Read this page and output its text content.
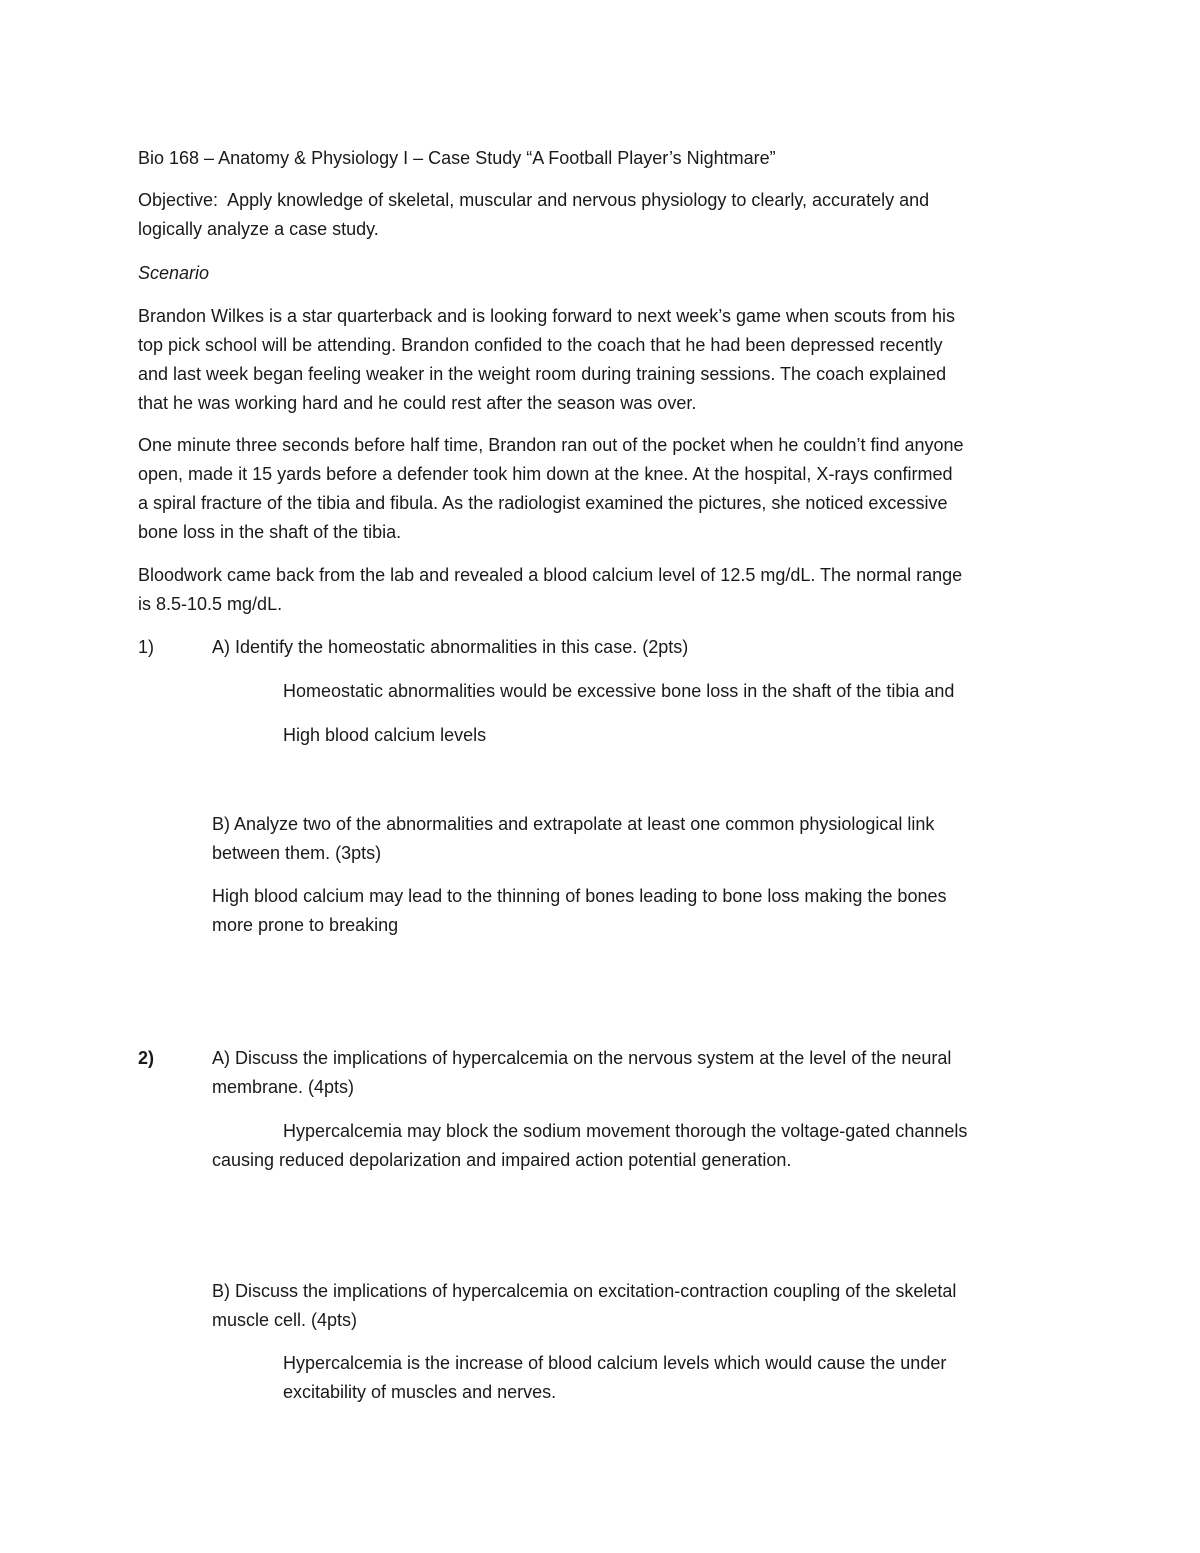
Bio 168 – Anatomy & Physiology I – Case Study “A Football Player’s Nightmare”

Objective: Apply knowledge of skeletal, muscular and nervous physiology to clearly, accurately and

logically analyze a case study.

Scenario

Brandon Wilkes is a star quarterback and is looking forward to next week’s game when scouts from his

top pick school will be attending. Brandon confided to the coach that he had been depressed recently

and last week began feeling weaker in the weight room during training sessions. The coach explained

that he was working hard and he could rest after the season was over.

One minute three seconds before half time, Brandon ran out of the pocket when he couldn’t find anyone

open, made it 15 yards before a defender took him down at the knee. At the hospital, X-rays confirmed

a spiral fracture of the tibia and fibula. As the radiologist examined the pictures, she noticed excessive

bone loss in the shaft of the tibia.

Bloodwork came back from the lab and revealed a blood calcium level of 12.5 mg/dL. The normal range

is 8.5-10.5 mg/dL.

1)	A) Identify the homeostatic abnormalities in this case. (2pts)

Homeostatic abnormalities would be excessive bone loss in the shaft of the tibia and

High blood calcium levels

B) Analyze two of the abnormalities and extrapolate at least one common physiological link

between them. (3pts)

High blood calcium may lead to the thinning of bones leading to bone loss making the bones

more prone to breaking

2)	A) Discuss the implications of hypercalcemia on the nervous system at the level of the neural

membrane. (4pts)

Hypercalcemia may block the sodium movement thorough the voltage-gated channels

causing reduced depolarization and impaired action potential generation.

B) Discuss the implications of hypercalcemia on excitation-contraction coupling of the skeletal

muscle cell. (4pts)

Hypercalcemia is the increase of blood calcium levels which would cause the under

excitability of muscles and nerves.
